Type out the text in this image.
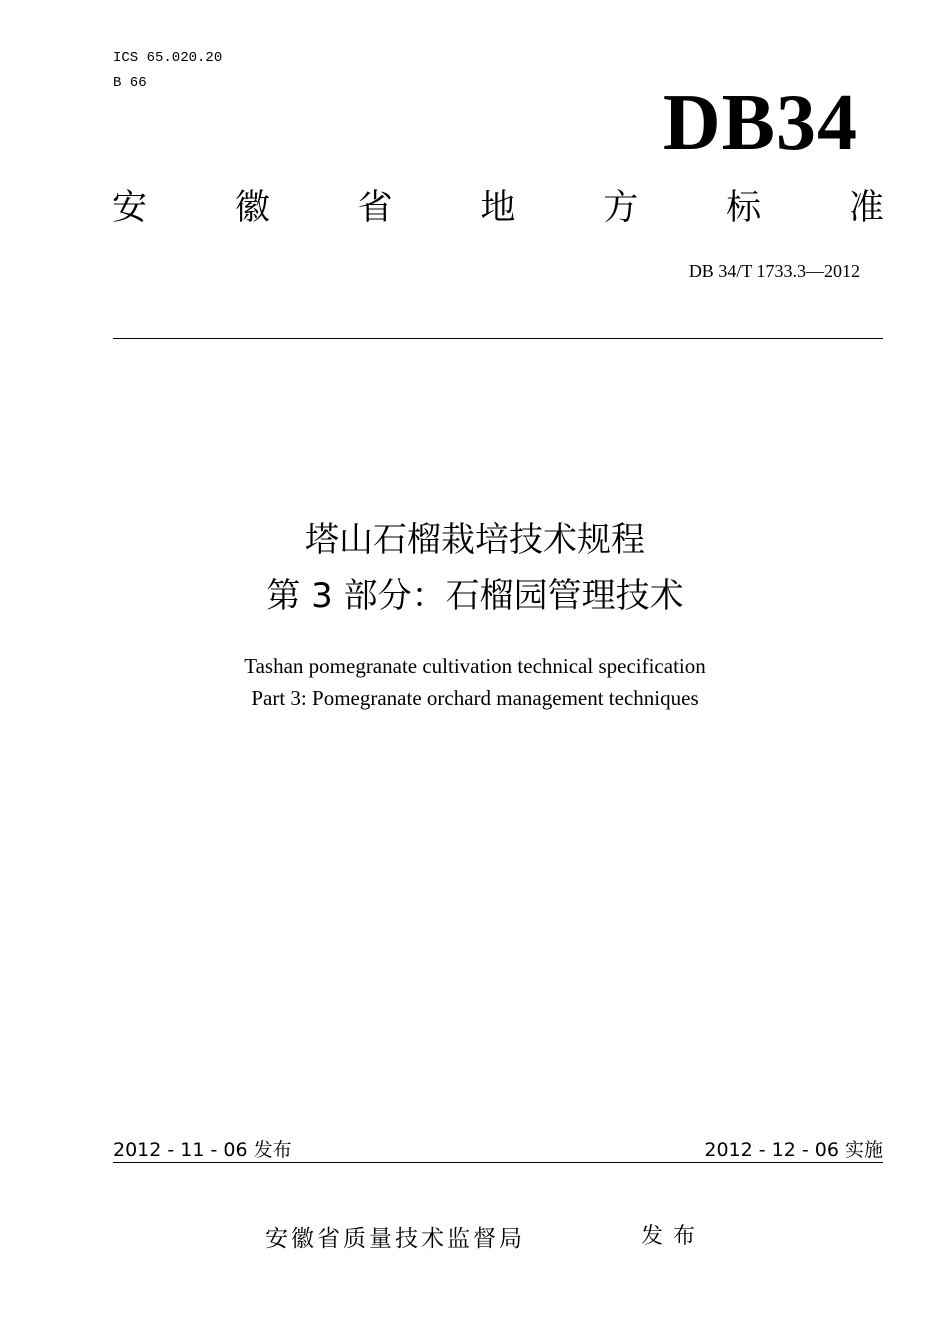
ICS 65.020.20
B 66	DB34
安	徽	省	地	方	标	准
DB 34/T 1733.3—2012
塔山石榴栽培技术规程
第 3 部分：石榴园管理技术
Tashan pomegranate cultivation technical specification
Part 3: Pomegranate orchard management techniques
2012 - 11 - 06 发布	2012 - 12 - 06 实施
安徽省质量技术监督局	发布
